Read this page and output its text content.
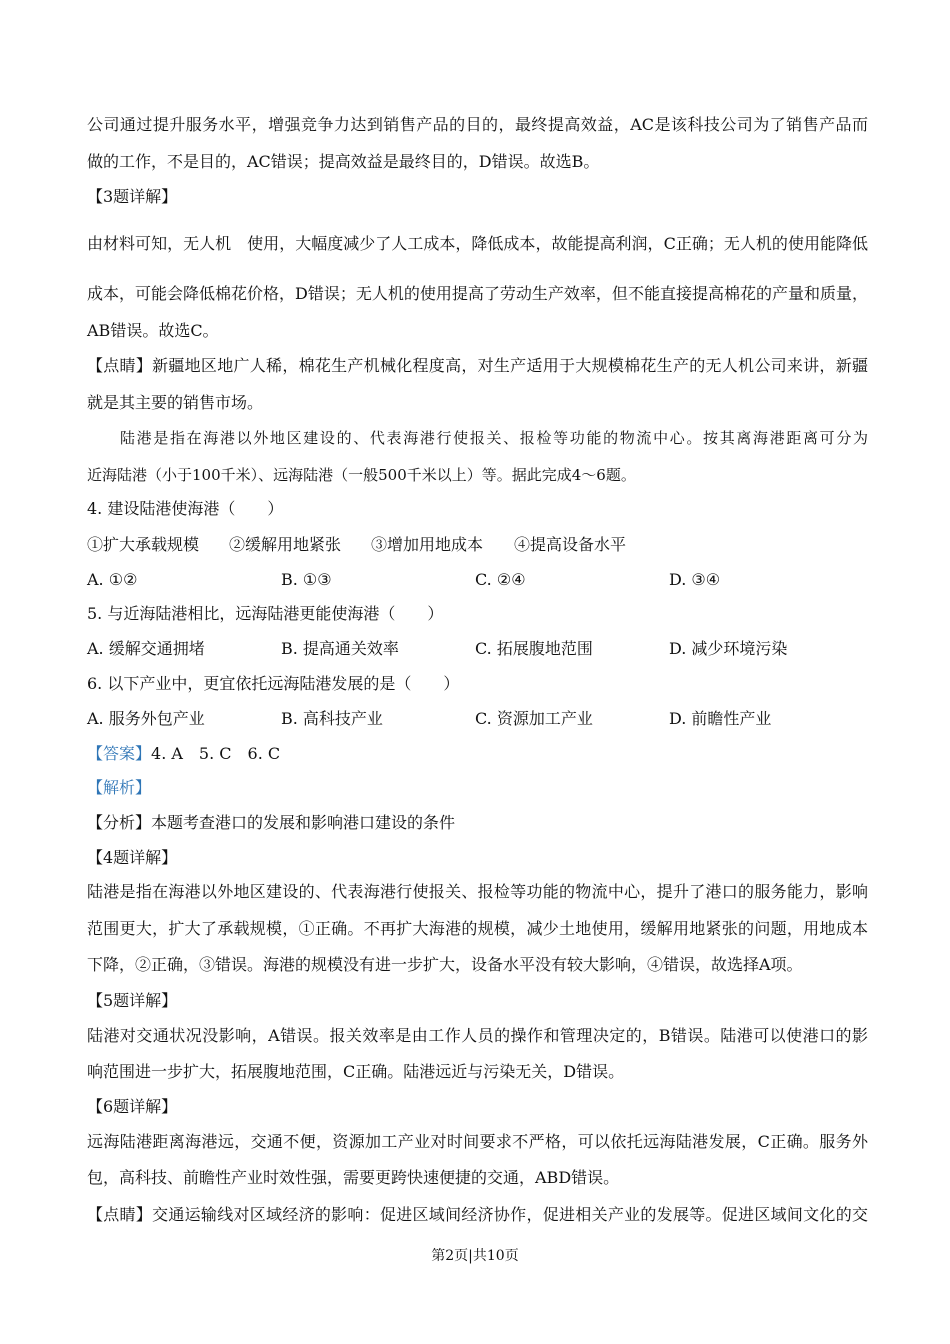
公司通过提升服务水平，增强竞争力达到销售产品的目的，最终提高效益，AC是该科技公司为了销售产品而
做的工作，不是目的，AC错误；提高效益是最终目的，D错误。故选B。
【3题详解】
由材料可知，无人机　使用，大幅度减少了人工成本，降低成本，故能提高利润，C正确；无人机的使用能降低
成本，可能会降低棉花价格，D错误；无人机的使用提高了劳动生产效率，但不能直接提高棉花的产量和质量，
AB错误。故选C。
【点睛】新疆地区地广人稀，棉花生产机械化程度高，对生产适用于大规模棉花生产的无人机公司来讲，新疆
就是其主要的销售市场。
陆港是指在海港以外地区建设的、代表海港行使报关、报检等功能的物流中心。按其离海港距离可分为
近海陆港（小于100千米）、远海陆港（一般500千米以上）等。据此完成4～6题。
4. 建设陆港使海港（　　）
①扩大承载规模 ②缓解用地紧张 ③增加用地成本 ④提高设备水平
A. ①②	B. ①③	C. ②④	D. ③④
5. 与近海陆港相比，远海陆港更能使海港（　　）
A. 缓解交通拥堵	B. 提高通关效率	C. 拓展腹地范围	D. 减少环境污染
6. 以下产业中，更宜依托远海陆港发展的是（　　）
A. 服务外包产业	B. 高科技产业	C. 资源加工产业	D. 前瞻性产业
【答案】4. A　5. C　6. C
【解析】
【分析】本题考查港口的发展和影响港口建设的条件
【4题详解】
陆港是指在海港以外地区建设的、代表海港行使报关、报检等功能的物流中心，提升了港口的服务能力，影响
范围更大，扩大了承载规模，①正确。不再扩大海港的规模，减少土地使用，缓解用地紧张的问题，用地成本
下降，②正确，③错误。海港的规模没有进一步扩大，设备水平没有较大影响，④错误，故选择A项。
【5题详解】
陆港对交通状况没影响，A错误。报关效率是由工作人员的操作和管理决定的，B错误。陆港可以使港口的影
响范围进一步扩大，拓展腹地范围，C正确。陆港远近与污染无关，D错误。
【6题详解】
远海陆港距离海港远，交通不便，资源加工产业对时间要求不严格，可以依托远海陆港发展，C正确。服务外
包，高科技、前瞻性产业时效性强，需要更跨快速便捷的交通，ABD错误。
【点睛】交通运输线对区域经济的影响：促进区域间经济协作，促进相关产业的发展等。促进区域间文化的交
第2页|共10页
